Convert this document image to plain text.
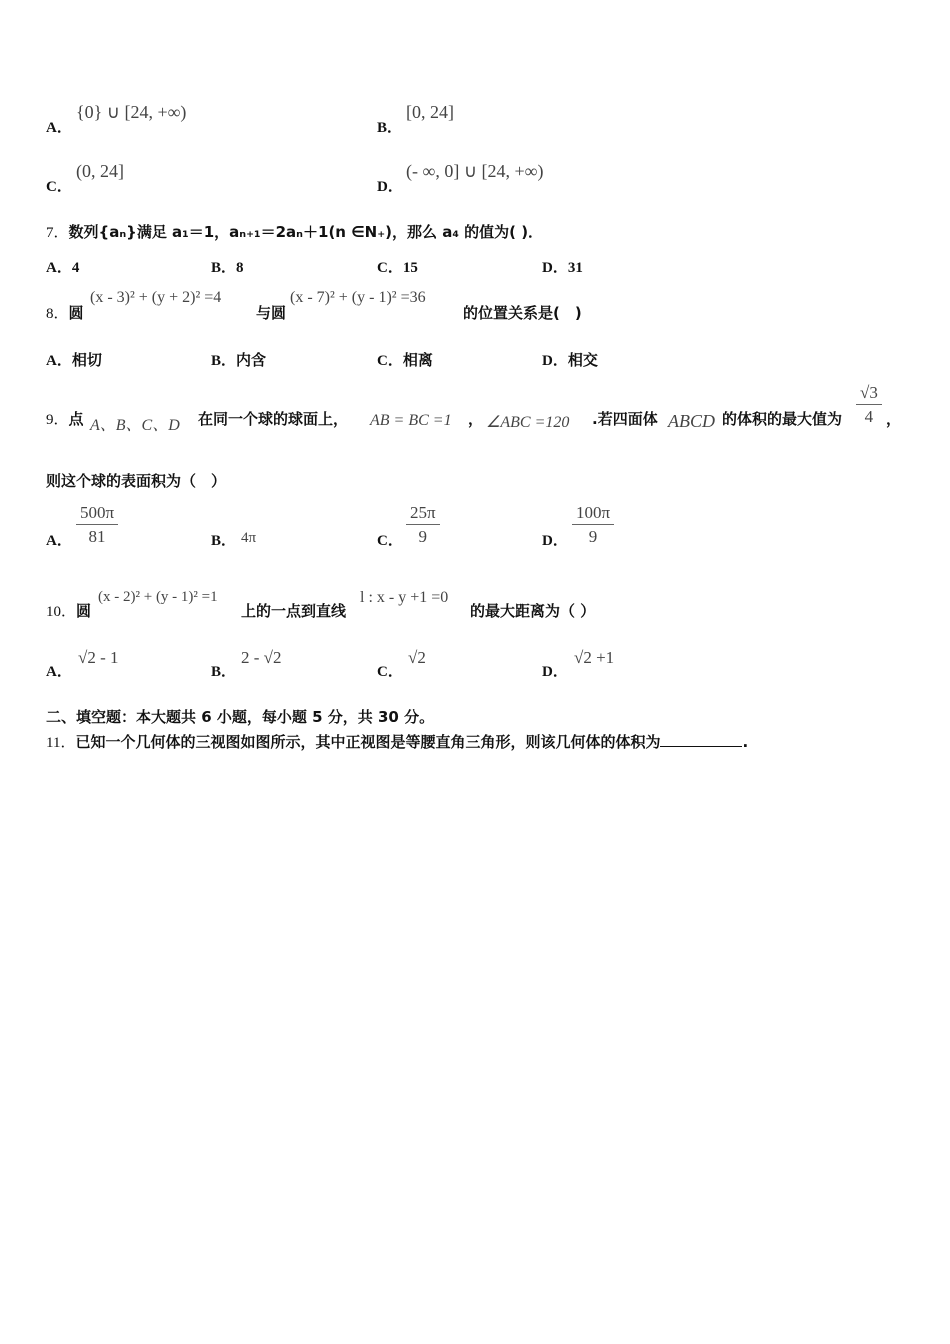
A．
{0} ∪ [24, +∞)
B．
[0, 24]
C．
(0, 24]
D．
(- ∞, 0] ∪ [24, +∞)
7．数列{aₙ}满足 a₁＝1，aₙ₊₁＝2aₙ＋1(n ∈N₊)，那么 a₄ 的值为( )．
A．4	B．8	C．15	D．31
8．圆
(x - 3)² + (y + 2)² =4
与圆
(x - 7)² + (y - 1)² =36
的位置关系是(　)
A．相切	B．内含	C．相离	D．相交
9．点 A、B、C、D 在同一个球的球面上， AB = BC =1 ， ∠ABC =120 .若四面体 ABCD 的体积的最大值为 $\frac{√3}{4}$ ，
则这个球的表面积为（　）
A． $\frac{500\pi}{81}$	B． 4π	C． $\frac{25\pi}{9}$	D． $\frac{100\pi}{9}$
10．圆
(x - 2)² + (y - 1)² =1
上的一点到直线
l : x - y +1 =0
的最大距离为（ ）
A．
√2 - 1
B．
2 - √2
C．
√2
D．
√2 +1
二、填空题：本大题共 6 小题，每小题 5 分，共 30 分。
11．已知一个几何体的三视图如图所示，其中正视图是等腰直角三角形，则该几何体的体积为	.
